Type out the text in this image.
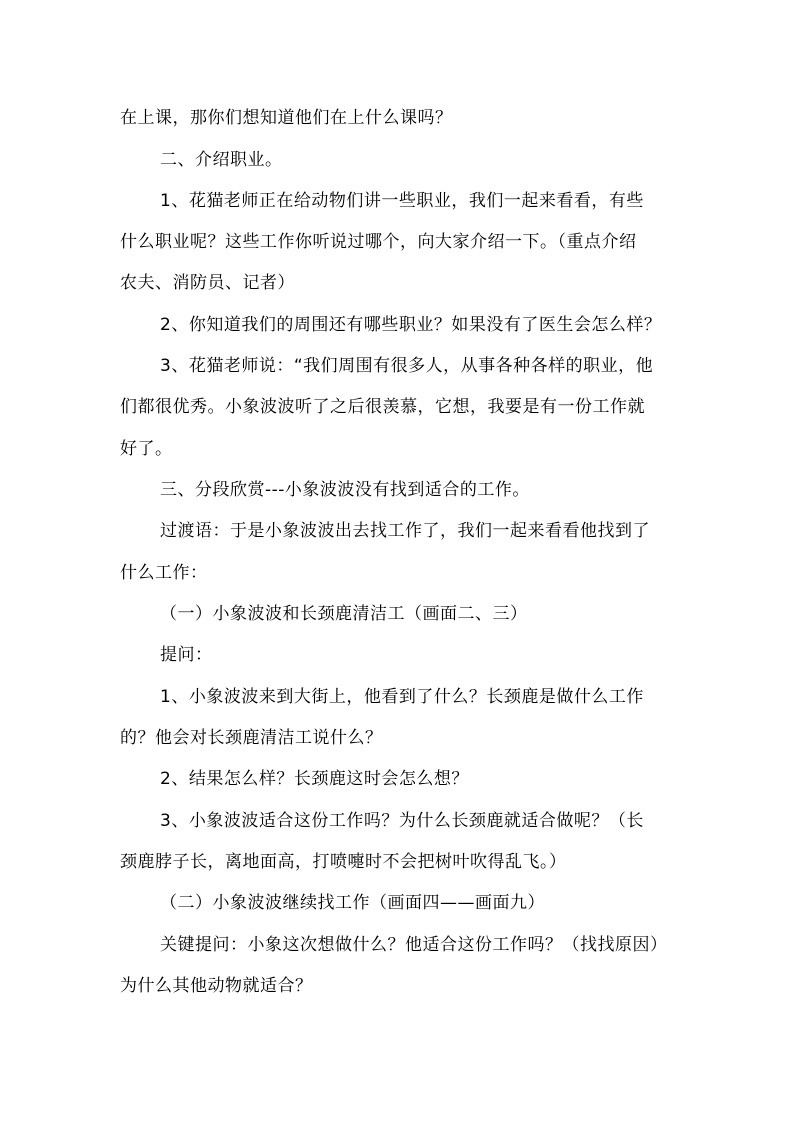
在上课，那你们想知道他们在上什么课吗？
二、介绍职业。
1、花猫老师正在给动物们讲一些职业，我们一起来看看，有些
什么职业呢？这些工作你听说过哪个，向大家介绍一下。（重点介绍
农夫、消防员、记者）
2、你知道我们的周围还有哪些职业？如果没有了医生会怎么样？
3、花猫老师说：“我们周围有很多人，从事各种各样的职业，他
们都很优秀。小象波波听了之后很羡慕，它想，我要是有一份工作就
好了。
三、分段欣赏---小象波波没有找到适合的工作。
过渡语：于是小象波波出去找工作了，我们一起来看看他找到了
什么工作：
（一）小象波波和长颈鹿清洁工（画面二、三）
提问：
1、小象波波来到大街上，他看到了什么？长颈鹿是做什么工作
的？他会对长颈鹿清洁工说什么？
2、结果怎么样？长颈鹿这时会怎么想？
3、小象波波适合这份工作吗？为什么长颈鹿就适合做呢？（长
颈鹿脖子长，离地面高，打喷嚏时不会把树叶吹得乱飞。）
（二）小象波波继续找工作（画面四——画面九）
关键提问：小象这次想做什么？他适合这份工作吗？（找找原因）
为什么其他动物就适合？
